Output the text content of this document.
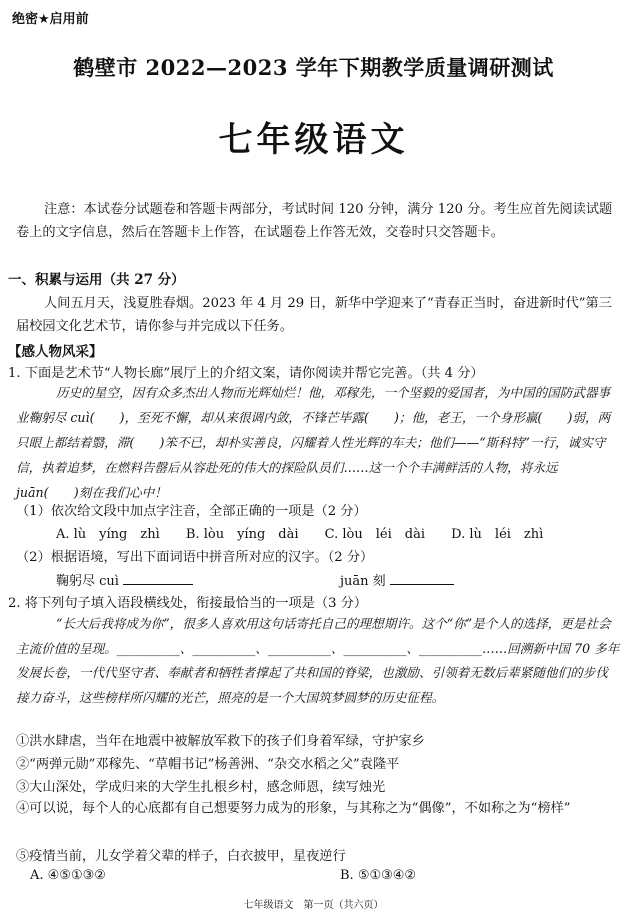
绝密★启用前
鹤壁市 2022—2023 学年下期教学质量调研测试
七年级语文
注意：本试卷分试题卷和答题卡两部分，考试时间 120 分钟，满分 120 分。考生应首先阅读试题卷上的文字信息，然后在答题卡上作答，在试题卷上作答无效，交卷时只交答题卡。
一、积累与运用（共 27 分）
人间五月天，浅夏胜春烟。2023 年 4 月 29 日，新华中学迎来了“青春正当时，奋进新时代”第三届校园文化艺术节，请你参与并完成以下任务。
【感人物风采】
1. 下面是艺术节“人物长廊”展厅上的介绍文案，请你阅读并帮它完善。（共 4 分）
历史的星空，因有众多杰出人物而光辉灿烂！他，邓稼先，一个坚毅的爱国者，为中国的国防武器事业鞠躬尽 cuì(　　)，至死不懈，却从来很调内敛，不锋芒毕露(　　)；他，老王，一个身形羸(　　)弱，两只眼上都结着翳，滞(　　)笨不已，却朴实善良，闪耀着人性光辉的车夫；他们——“斯科特”一行，诚实守信，执着追梦，在燃料告罄后从容赴死的伟大的探险队员们……这一个个丰满鲜活的人物，将永远 juān(　　)刻在我们心中！
（1）依次给文段中加点字注音，全部正确的一项是（2 分）
A. lù　yíng　zhì B. lòu　yíng　dài C. lòu　léi　dài D. lù　léi　zhì
（2）根据语境，写出下面词语中拼音所对应的汉字。（2 分）
鞠躬尽 cuì	juān 刻
2. 将下列句子填入语段横线处，衔接最恰当的一项是（3 分）
“长大后我将成为你”，很多人喜欢用这句话寄托自己的理想期许。这个“你”是个人的选择，更是社会主流价值的呈现。__________、__________、__________、__________、__________……回溯新中国 70 多年发展长卷，一代代坚守者、奉献者和牺牲者撑起了共和国的脊梁，也激励、引领着无数后辈紧随他们的步伐接力奋斗，这些榜样所闪耀的光芒，照亮的是一个大国筑梦圆梦的历史征程。
①洪水肆虐，当年在地震中被解放军救下的孩子们身着军绿，守护家乡
②“两弹元勋”邓稼先、“草帽书记”杨善洲、“杂交水稻之父”袁隆平
③大山深处，学成归来的大学生扎根乡村，感念师恩，续写烛光
④可以说，每个人的心底都有自己想要努力成为的形象，与其称之为“偶像”，不如称之为“榜样”
⑤疫情当前，儿女学着父辈的样子，白衣披甲，星夜逆行
A. ④⑤①③②	B. ⑤①③④②
七年级语文　第一页（共六页）
